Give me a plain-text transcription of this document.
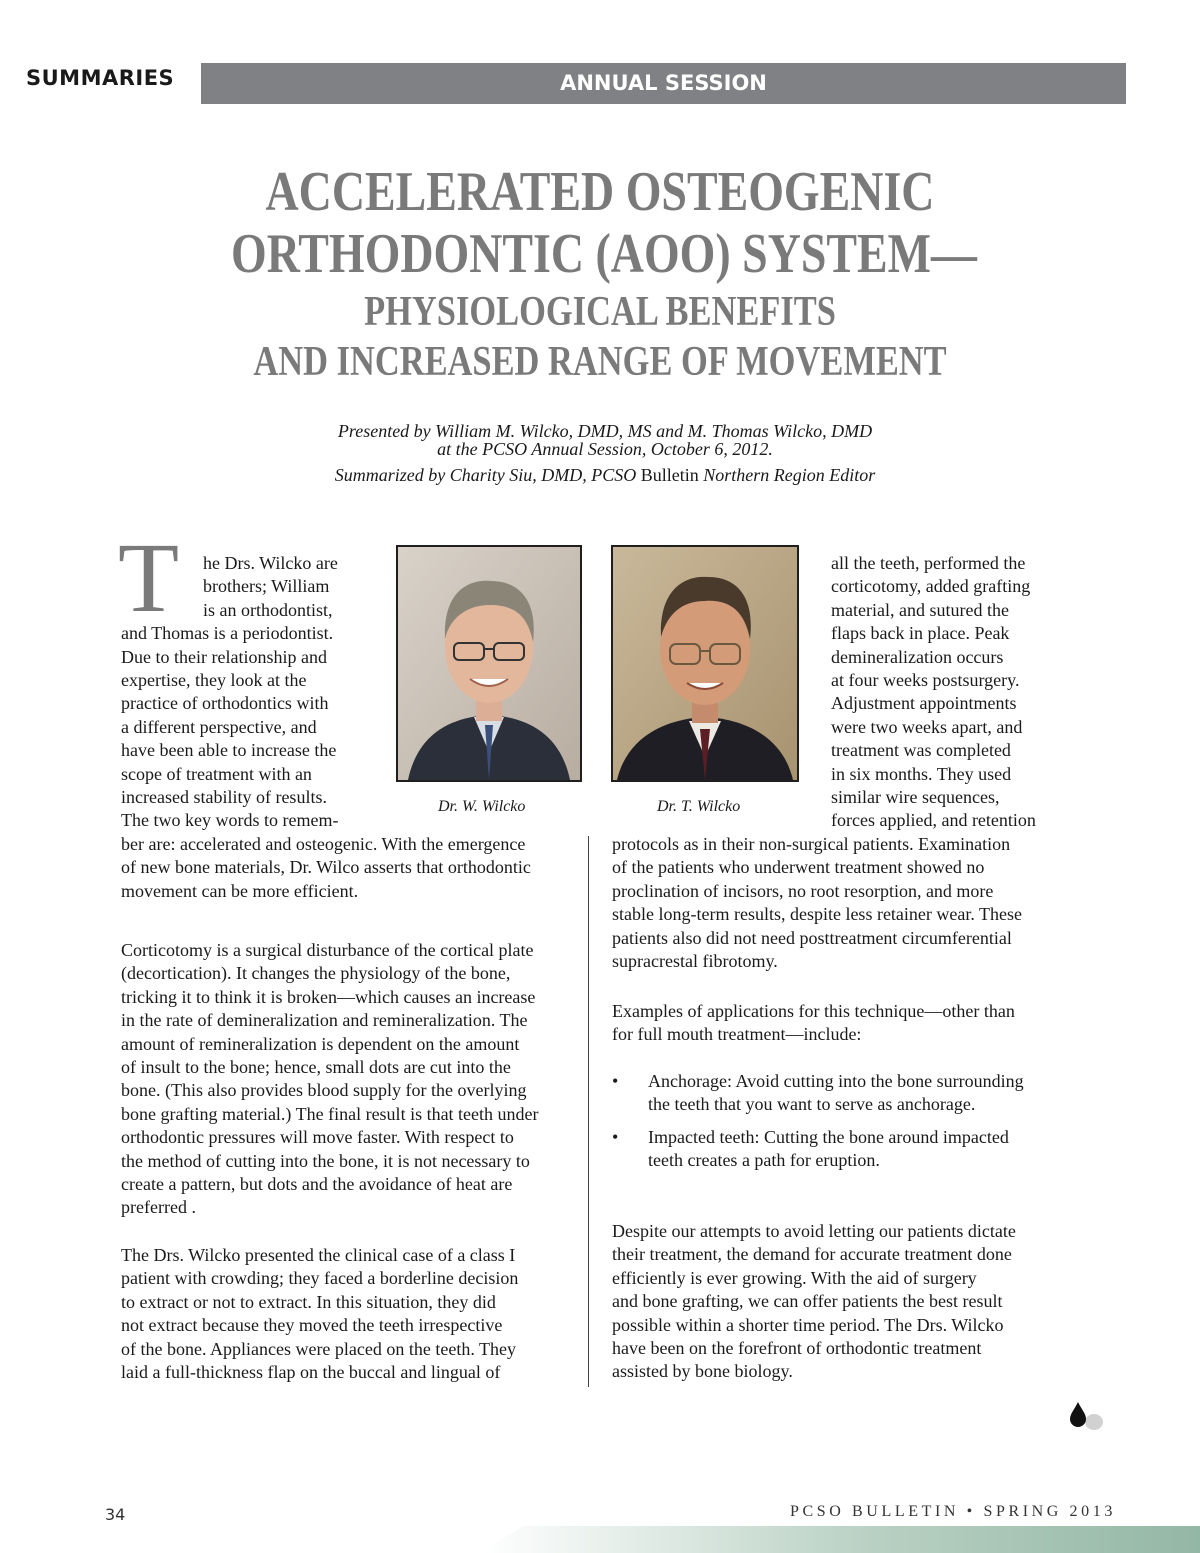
SUMMARIES	ANNUAL SESSION
ACCELERATED OSTEOGENIC
ORTHODONTIC (AOO) SYSTEM—
PHYSIOLOGICAL BENEFITS
AND INCREASED RANGE OF MOVEMENT
Presented by William M. Wilcko, DMD, MS and M. Thomas Wilcko, DMD
at the PCSO Annual Session, October 6, 2012.
Summarized by Charity Siu, DMD, PCSO Bulletin Northern Region Editor
T
Dr. W. Wilcko	Dr. T. Wilcko
he Drs. Wilcko are
brothers; William
is an orthodontist,
and Thomas is a periodontist.
Due to their relationship and
expertise, they look at the
practice of orthodontics with
a different perspective, and
have been able to increase the
scope of treatment with an
increased stability of results.
The two key words to remem-
ber are: accelerated and osteogenic. With the emergence
of new bone materials, Dr. Wilco asserts that orthodontic
movement can be more efficient.
Corticotomy is a surgical disturbance of the cortical plate
(decortication). It changes the physiology of the bone,
tricking it to think it is broken—which causes an increase
in the rate of demineralization and remineralization. The
amount of remineralization is dependent on the amount
of insult to the bone; hence, small dots are cut into the
bone. (This also provides blood supply for the overlying
bone grafting material.) The final result is that teeth under
orthodontic pressures will move faster. With respect to
the method of cutting into the bone, it is not necessary to
create a pattern, but dots and the avoidance of heat are
preferred .
The Drs. Wilcko presented the clinical case of a class I
patient with crowding; they faced a borderline decision
to extract or not to extract. In this situation, they did
not extract because they moved the teeth irrespective
of the bone. Appliances were placed on the teeth. They
laid a full-thickness flap on the buccal and lingual of
all the teeth, performed the
corticotomy, added grafting
material, and sutured the
flaps back in place. Peak
demineralization occurs
at four weeks postsurgery.
Adjustment appointments
were two weeks apart, and
treatment was completed
in six months. They used
similar wire sequences,
forces applied, and retention
protocols as in their non-surgical patients. Examination
of the patients who underwent treatment showed no
proclination of incisors, no root resorption, and more
stable long-term results, despite less retainer wear. These
patients also did not need posttreatment circumferential
supracrestal fibrotomy.
Examples of applications for this technique—other than
for full mouth treatment—include:
• Anchorage: Avoid cutting into the bone surrounding
the teeth that you want to serve as anchorage.
• Impacted teeth: Cutting the bone around impacted
teeth creates a path for eruption.
Despite our attempts to avoid letting our patients dictate
their treatment, the demand for accurate treatment done
efficiently is ever growing. With the aid of surgery
and bone grafting, we can offer patients the best result
possible within a shorter time period. The Drs. Wilcko
have been on the forefront of orthodontic treatment
assisted by bone biology.
34	PCSO BULLETIN • SPRING 2013
